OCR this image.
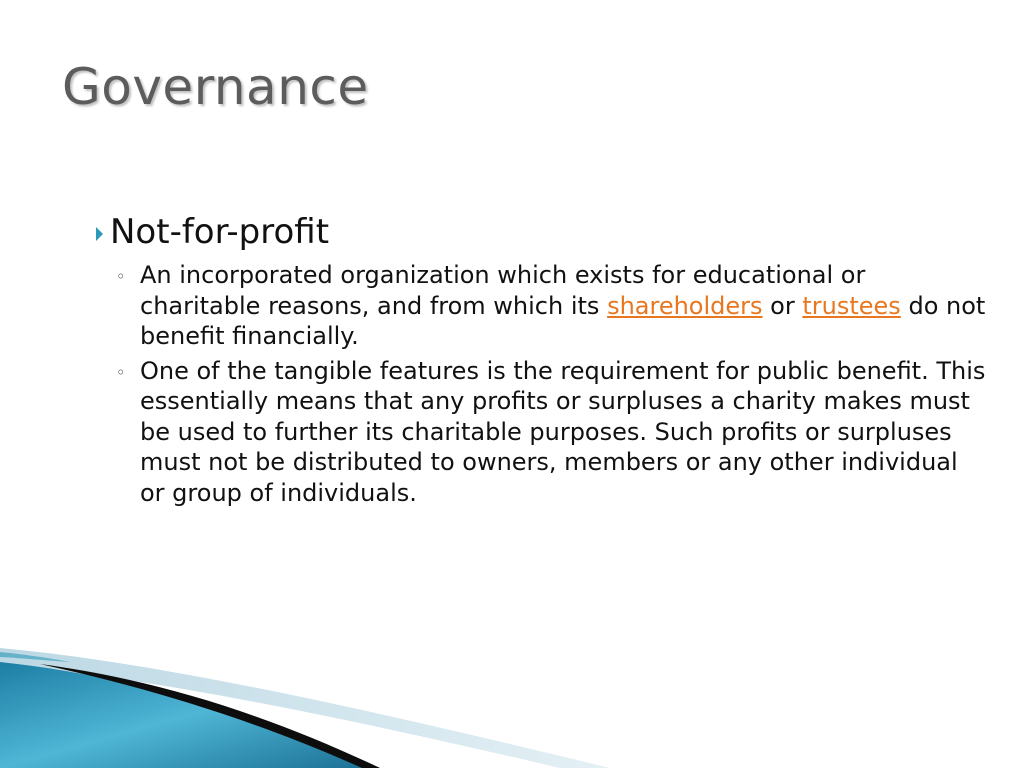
Governance
Not-for-profit
◦ An incorporated organization which exists for educational or charitable reasons, and from which its shareholders or trustees do not benefit financially.
◦ One of the tangible features is the requirement for public benefit. This essentially means that any profits or surpluses a charity makes must be used to further its charitable purposes. Such profits or surpluses must not be distributed to owners, members or any other individual or group of individuals.
